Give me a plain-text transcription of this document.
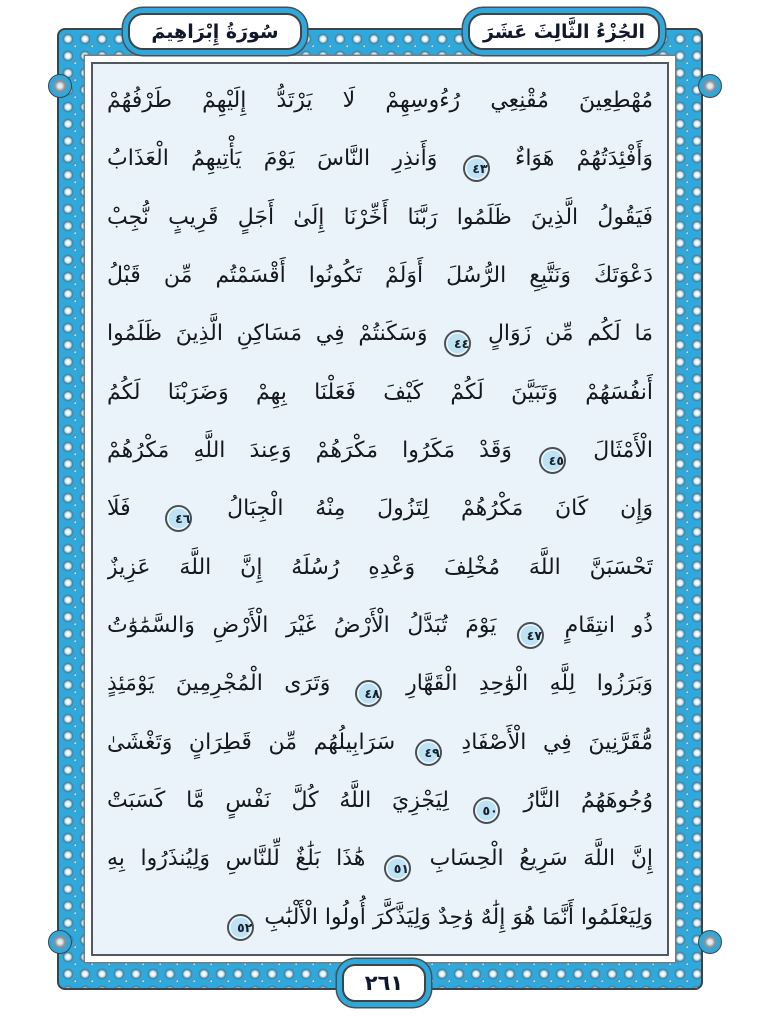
سُورَةُ إِبْرَاهِيمَ	الجُزْءُ الثَّالِثَ عَشَرَ
مُهْطِعِينَ مُقْنِعِي رُءُوسِهِمْ لَا يَرْتَدُّ إِلَيْهِمْ طَرْفُهُمْ
وَأَفْئِدَتُهُمْ هَوَاءٌ ٤٣ وَأَنذِرِ النَّاسَ يَوْمَ يَأْتِيهِمُ الْعَذَابُ
فَيَقُولُ الَّذِينَ ظَلَمُوا رَبَّنَا أَخِّرْنَا إِلَىٰ أَجَلٍ قَرِيبٍ نُّجِبْ
دَعْوَتَكَ وَنَتَّبِعِ الرُّسُلَ أَوَلَمْ تَكُونُوا أَقْسَمْتُم مِّن قَبْلُ
مَا لَكُم مِّن زَوَالٍ ٤٤ وَسَكَنتُمْ فِي مَسَاكِنِ الَّذِينَ ظَلَمُوا
أَنفُسَهُمْ وَتَبَيَّنَ لَكُمْ كَيْفَ فَعَلْنَا بِهِمْ وَضَرَبْنَا لَكُمُ
الْأَمْثَالَ ٤٥ وَقَدْ مَكَرُوا مَكْرَهُمْ وَعِندَ اللَّهِ مَكْرُهُمْ
وَإِن كَانَ مَكْرُهُمْ لِتَزُولَ مِنْهُ الْجِبَالُ ٤٦ فَلَا
تَحْسَبَنَّ اللَّهَ مُخْلِفَ وَعْدِهِ رُسُلَهُ إِنَّ اللَّهَ عَزِيزٌ
ذُو انتِقَامٍ ٤٧ يَوْمَ تُبَدَّلُ الْأَرْضُ غَيْرَ الْأَرْضِ وَالسَّمَٰوَٰتُ
وَبَرَزُوا لِلَّهِ الْوَٰحِدِ الْقَهَّارِ ٤٨ وَتَرَى الْمُجْرِمِينَ يَوْمَئِذٍ
مُّقَرَّنِينَ فِي الْأَصْفَادِ ٤٩ سَرَابِيلُهُم مِّن قَطِرَانٍ وَتَغْشَىٰ
وُجُوهَهُمُ النَّارُ ٥٠ لِيَجْزِيَ اللَّهُ كُلَّ نَفْسٍ مَّا كَسَبَتْ
إِنَّ اللَّهَ سَرِيعُ الْحِسَابِ ٥١ هَٰذَا بَلَٰغٌ لِّلنَّاسِ وَلِيُنذَرُوا بِهِ
وَلِيَعْلَمُوا أَنَّمَا هُوَ إِلَٰهٌ وَٰحِدٌ وَلِيَذَّكَّرَ أُولُوا الْأَلْبَٰبِ ٥٢
٢٦١
